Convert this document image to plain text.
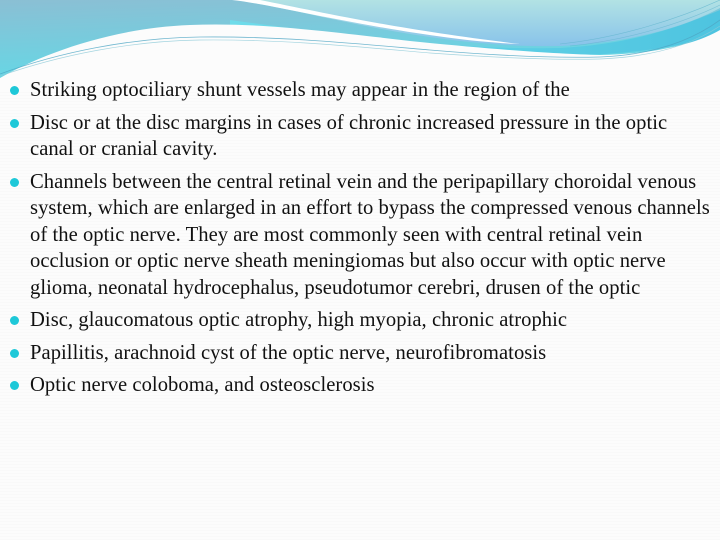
Striking optociliary shunt vessels may appear in the region of the
Disc or at the disc margins in cases of chronic increased pressure in the optic canal or cranial cavity.
Channels between the central retinal vein and the peripapillary choroidal venous system, which are enlarged in an effort to bypass the compressed venous channels of the optic nerve. They are most commonly seen with central retinal vein occlusion or optic nerve sheath meningiomas but also occur with optic nerve glioma, neonatal hydrocephalus, pseudotumor cerebri, drusen of the optic
Disc, glaucomatous optic atrophy, high myopia, chronic atrophic
Papillitis, arachnoid cyst of the optic nerve, neurofibromatosis
Optic nerve coloboma, and osteosclerosis
